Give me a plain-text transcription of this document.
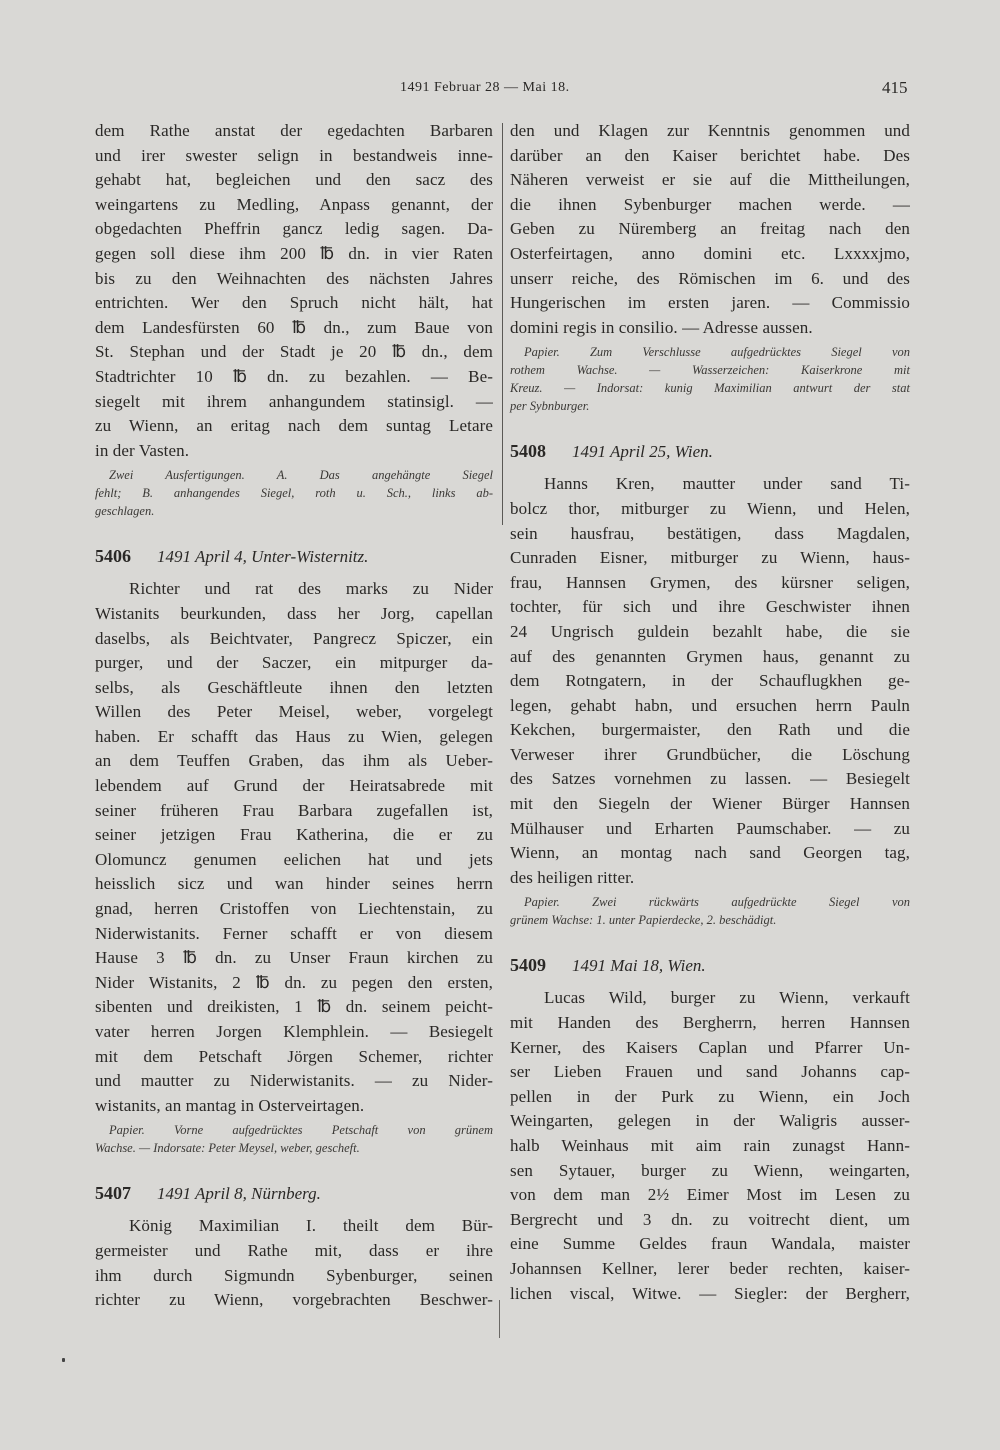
1491 Februar 28 — Mai 18.	415
dem Rathe anstat der egedachten Barbaren
und irer swester selign in bestandweis inne-
gehabt hat, begleichen und den sacz des
weingartens zu Medling, Anpass genannt, der
obgedachten Pheffrin gancz ledig sagen. Da-
gegen soll diese ihm 200 ℔ dn. in vier Raten
bis zu den Weihnachten des nächsten Jahres
entrichten. Wer den Spruch nicht hält, hat
dem Landesfürsten 60 ℔ dn., zum Baue von
St. Stephan und der Stadt je 20 ℔ dn., dem
Stadtrichter 10 ℔ dn. zu bezahlen. — Be-
siegelt mit ihrem anhangundem statinsigl. —
zu Wienn, an eritag nach dem suntag Letare
in der Vasten.
Zwei Ausfertigungen. A. Das angehängte Siegel
fehlt; B. anhangendes Siegel, roth u. Sch., links ab-
geschlagen.
5406 1491 April 4, Unter-Wisternitz.
Richter und rat des marks zu Nider
Wistanits beurkunden, dass her Jorg, capellan
daselbs, als Beichtvater, Pangrecz Spiczer, ein
purger, und der Saczer, ein mitpurger da-
selbs, als Geschäftleute ihnen den letzten
Willen des Peter Meisel, weber, vorgelegt
haben. Er schafft das Haus zu Wien, gelegen
an dem Teuffen Graben, das ihm als Ueber-
lebendem auf Grund der Heiratsabrede mit
seiner früheren Frau Barbara zugefallen ist,
seiner jetzigen Frau Katherina, die er zu
Olomuncz genumen eelichen hat und jets
heisslich sicz und wan hinder seines herrn
gnad, herren Cristoffen von Liechtenstain, zu
Niderwistanits. Ferner schafft er von diesem
Hause 3 ℔ dn. zu Unser Fraun kirchen zu
Nider Wistanits, 2 ℔ dn. zu pegen den ersten,
sibenten und dreikisten, 1 ℔ dn. seinem peicht-
vater herren Jorgen Klemphlein. — Besiegelt
mit dem Petschaft Jörgen Schemer, richter
und mautter zu Niderwistanits. — zu Nider-
wistanits, an mantag in Osterveirtagen.
Papier. Vorne aufgedrücktes Petschaft von grünem
Wachse. — Indorsate: Peter Meysel, weber, gescheft.
5407 1491 April 8, Nürnberg.
König Maximilian I. theilt dem Bür-
germeister und Rathe mit, dass er ihre
ihm durch Sigmundn Sybenburger, seinen
richter zu Wienn, vorgebrachten Beschwer-
den und Klagen zur Kenntnis genommen und
darüber an den Kaiser berichtet habe. Des
Näheren verweist er sie auf die Mittheilungen,
die ihnen Sybenburger machen werde. —
Geben zu Nüremberg an freitag nach den
Osterfeirtagen, anno domini etc. Lxxxxjmo,
unserr reiche, des Römischen im 6. und des
Hungerischen im ersten jaren. — Commissio
domini regis in consilio. — Adresse aussen.
Papier. Zum Verschlusse aufgedrücktes Siegel von
rothem Wachse. — Wasserzeichen: Kaiserkrone mit
Kreuz. — Indorsat: kunig Maximilian antwurt der stat
per Sybnburger.
5408 1491 April 25, Wien.
Hanns Kren, mautter under sand Ti-
bolcz thor, mitburger zu Wienn, und Helen,
sein hausfrau, bestätigen, dass Magdalen,
Cunraden Eisner, mitburger zu Wienn, haus-
frau, Hannsen Grymen, des kürsner seligen,
tochter, für sich und ihre Geschwister ihnen
24 Ungrisch guldein bezahlt habe, die sie
auf des genannten Grymen haus, genannt zu
dem Rotngatern, in der Schauflugkhen ge-
legen, gehabt habn, und ersuchen herrn Pauln
Kekchen, burgermaister, den Rath und die
Verweser ihrer Grundbücher, die Löschung
des Satzes vornehmen zu lassen. — Besiegelt
mit den Siegeln der Wiener Bürger Hannsen
Mülhauser und Erharten Paumschaber. — zu
Wienn, an montag nach sand Georgen tag,
des heiligen ritter.
Papier. Zwei rückwärts aufgedrückte Siegel von
grünem Wachse: 1. unter Papierdecke, 2. beschädigt.
5409 1491 Mai 18, Wien.
Lucas Wild, burger zu Wienn, verkauft
mit Handen des Bergherrn, herren Hannsen
Kerner, des Kaisers Caplan und Pfarrer Un-
ser Lieben Frauen und sand Johanns cap-
pellen in der Purk zu Wienn, ein Joch
Weingarten, gelegen in der Waligris ausser-
halb Weinhaus mit aim rain zunagst Hann-
sen Sytauer, burger zu Wienn, weingarten,
von dem man 2½ Eimer Most im Lesen zu
Bergrecht und 3 dn. zu voitrecht dient, um
eine Summe Geldes fraun Wandala, maister
Johannsen Kellner, lerer beder rechten, kaiser-
lichen viscal, Witwe. — Siegler: der Bergherr,
